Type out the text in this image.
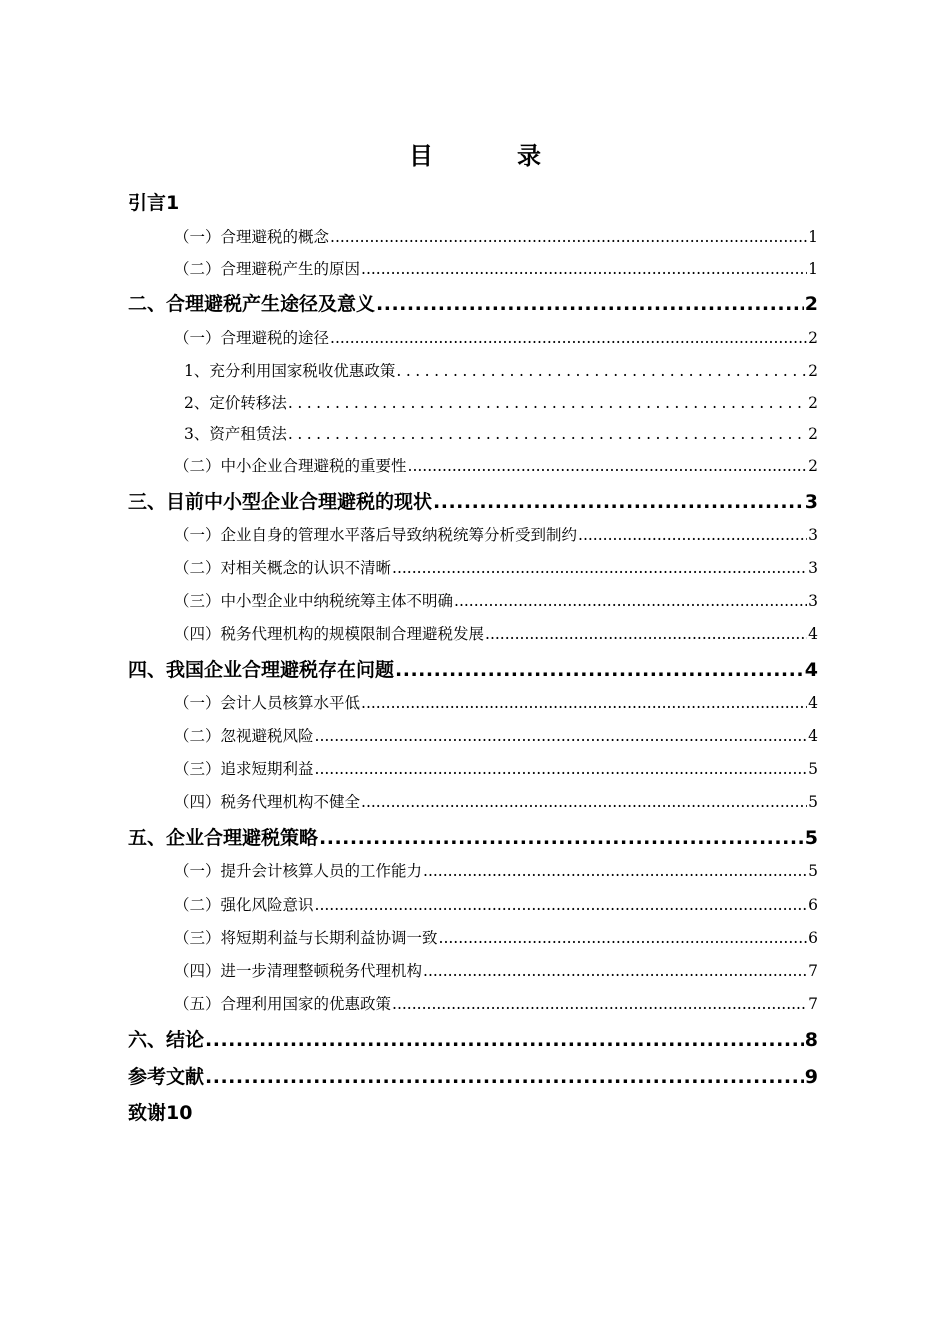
目　录
引言1
（一） 合理避税的概念 .....	1
（二） 合理避税产生的原因 .....	1
二、 合理避税产生途径及意义 .....	2
（一） 合理避税的途径 .....	2
1、 充分利用国家税收优惠政策 .....	2
2、 定价转移法 .....	2
3、 资产租赁法 .....	2
（二） 中小企业合理避税的重要性 .....	2
三、 目前中小型企业合理避税的现状 .....	3
（一） 企业自身的管理水平落后导致纳税统筹分析受到制约 .....	3
（二） 对相关概念的认识不清晰 .....	3
（三） 中小型企业中纳税统筹主体不明确 .....	3
（四） 税务代理机构的规模限制合理避税发展 .....	4
四、 我国企业合理避税存在问题 .....	4
（一） 会计人员核算水平低 .....	4
（二） 忽视避税风险 .....	4
（三） 追求短期利益 .....	5
（四） 税务代理机构不健全 .....	5
五、 企业合理避税策略 .....	5
（一） 提升会计核算人员的工作能力 .....	5
（二） 强化风险意识 .....	6
（三） 将短期利益与长期利益协调一致 .....	6
（四） 进一步清理整顿税务代理机构 .....	7
（五） 合理利用国家的优惠政策 .....	7
六、 结论 .....	8
参考文献 .....	9
致谢10
